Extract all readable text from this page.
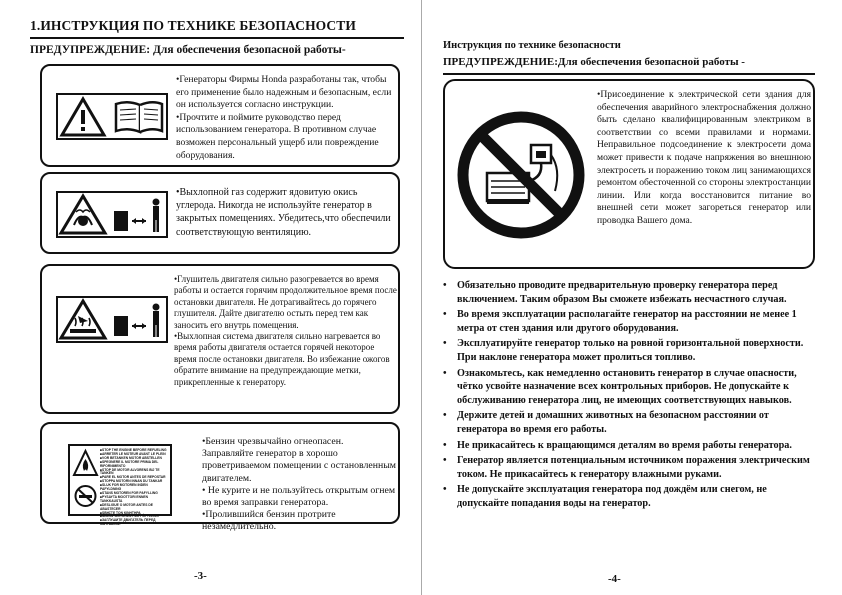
1.ИНСТРУКЦИЯ ПО ТЕХНИКЕ БЕЗОПАСНОСТИ
ПРЕДУПРЕЖДЕНИЕ: Для обеспечения безопасной работы-

•Генераторы Фирмы Honda разработаны так, чтобы его применение было надежным и безопасным, если он используется согласно инструкции.

•Прочтите и поймите руководство перед использованием генератора. В противном случае возможен персональный ущерб или повреждение оборудования.

•Выхлопной газ содержит ядовитую окись углерода. Никогда не используйте генератор в закрытых помещениях. Убедитесь,что обеспечили соответствующую вентиляцию.

•Глушитель двигателя сильно разогревается во время работы и остается горячим продолжительное время после остановки двигателя. Не дотрагивайтесь до горячего глушителя. Дайте двигателю остыть перед тем как заносить его внутрь помещения.

•Выхлопная система двигателя сильно нагревается во время работы двигателя остается горячей некоторое время после остановки двигателя. Во избежание ожогов обратите внимание на предупреждающие метки, прикрепленные к генератору.

■STOP THE ENGINE BEFORE REFUELING
■ARRETER LE MOTEUR AVANT LE PLEIN
■VOR BETANKEN MOTOR ABSTELLEN
■SPEGNERE IL MOTORE PRIMA DEL RIFORNIMENTO
■STOP DE MOTOR ALVORENS BIJ TE TANKEN
■PARE EL MOTOR ANTES DE REPOSTAR
■STOPPA MOTORN INNAN DU TANKAR
■SLUK FOR MOTOREN INDEN PAFYLDNING
■STANS MOTOREN FOR PAFYLLING
■PYSAYTA MOOTTORI ENNEN TANKKAUSTA
■DESLIGUE O MOTOR ANTES DE ABASTECER
■SBHΣTE TON KINHTHPA
■SLÅ AV MOTOREN FØR PÅFYLLING
■ЗАГЛУШИТЕ ДВИГАТЕЛЬ ПЕРЕД ЗАПРАВКОЙ

•Бензин чрезвычайно огнеопасен. Заправляйте генератор в хорошо проветриваемом помещении с остановленным двигателем.

• Не курите и не пользуйтесь открытым огнем во время заправки генератора.

•Пролившийся бензин протрите незамедлительно.

-3-
Инструкция по технике безопасности
ПРЕДУПРЕЖДЕНИЕ:Для обеспечения безопасной работы -
•Присоединение к электрической сети здания для обеспечения аварийного электроснабжения должно быть сделано квалифицированным электриком в соответствии со всеми правилами и нормами. Неправильное подсоединение к электросети дома может привести к подаче напряжения во внешнюю электросеть и поражению током лиц занимающихся ремонтом обесточенной со стороны электростанции линии. Или когда восстановится питание во внешней сети может загореться генератор или проводка Вашего дома.
• Обязательно проводите предварительную проверку генератора перед включением. Таким образом Вы сможете избежать несчастного случая.
• Во время эксплуатации располагайте генератор на расстоянии не менее 1 метра от стен здания или другого оборудования.
• Эксплуатируйте генератор только на ровной горизонтальной поверхности.
При наклоне генератора может пролиться топливо.
• Ознакомьтесь, как немедленно остановить генератор в случае опасности, чётко усвойте назначение всех контрольных приборов. Не допускайте к обслуживанию генератора лиц, не имеющих соответствующих навыков.
• Держите детей и домашних животных на безопасном расстоянии от генератора во время его работы.
• Не прикасайтесь к вращающимся деталям во время работы генератора.
• Генератор является потенциальным источником поражения электрическим током. Не прикасайтесь к генератору влажными руками.
• Не допускайте эксплуатация генератора под дождём или снегом, не допускайте попадания воды на генератор.
-4-
